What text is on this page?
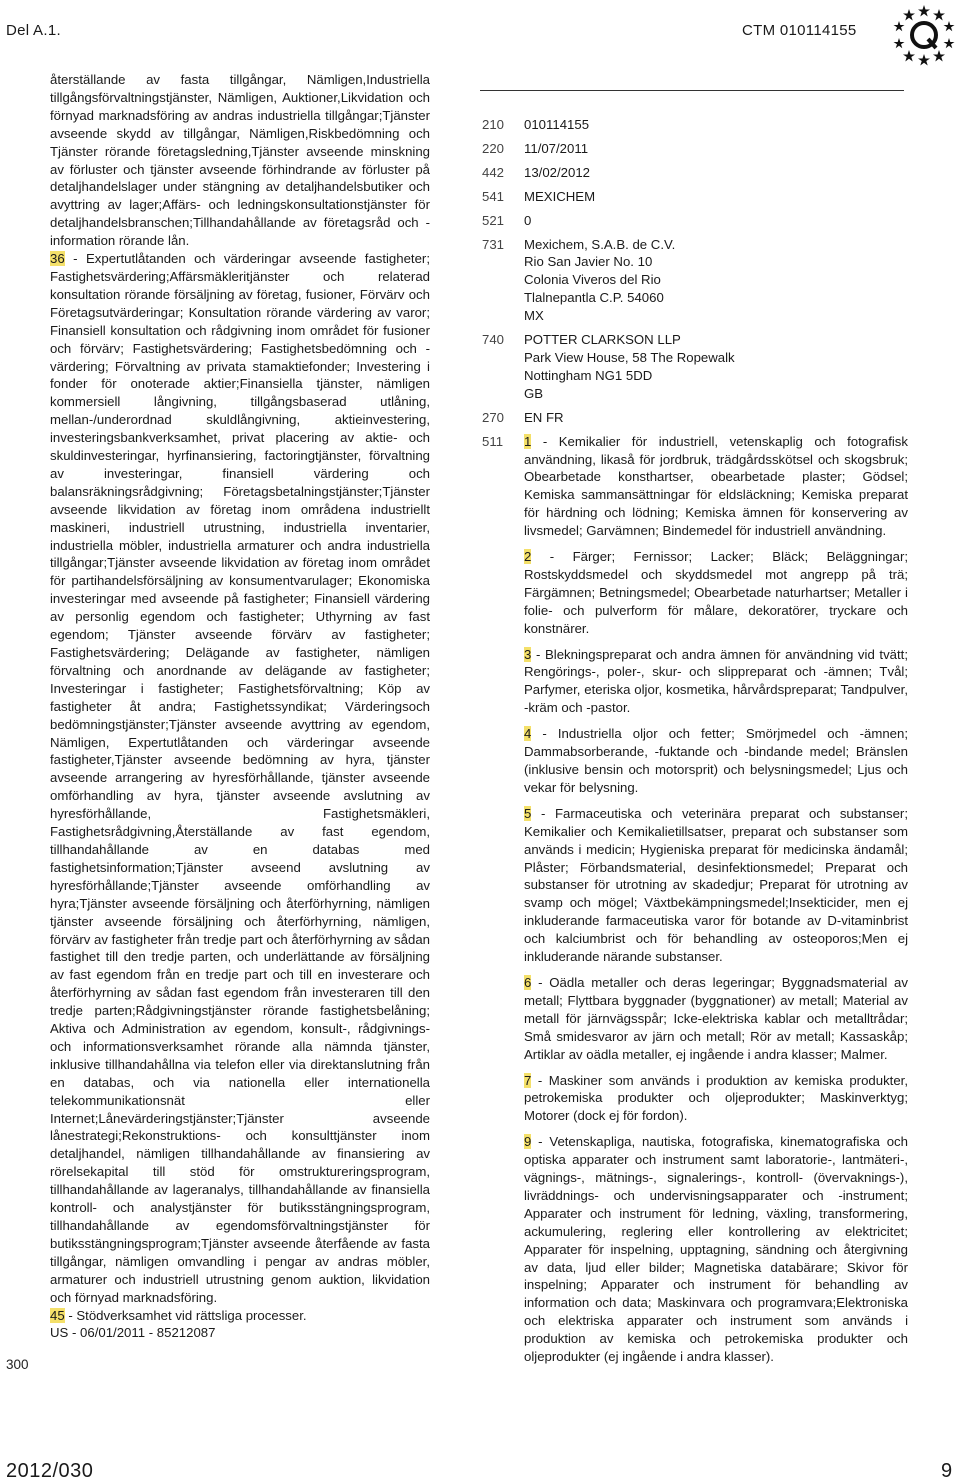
Del A.1.	CTM 010114155

återställande av fasta tillgångar, Nämligen,Industriella tillgångsförvaltningstjänster, Nämligen, Auktioner,Likvidation och förnyad marknadsföring av andras industriella tillgångar;Tjänster avseende skydd av tillgångar, Nämligen,Riskbedömning och Tjänster rörande företagsledning,Tjänster avseende minskning av förluster och tjänster avseende förhindrande av förluster på detaljhandelslager under stängning av detaljhandelsbutiker och avyttring av lager;Affärs- och ledningskonsultationstjänster för detaljhandelsbranschen;Tillhandahållande av företagsråd och -information rörande lån.

36 - Expertutlåtanden och värderingar avseende fastigheter; Fastighetsvärdering;Affärsmäkleritjänster och relaterad konsultation rörande försäljning av företag, fusioner, Förvärv och Företagsutvärderingar; Konsultation rörande värdering av varor; Finansiell konsultation och rådgivning inom området för fusioner och förvärv; Fastighetsvärdering; Fastighetsbedömning och -värdering; Förvaltning av privata stamaktiefonder; Investering i fonder för onoterade aktier;Finansiella tjänster, nämligen kommersiell långivning, tillgångsbaserad utlåning, mellan-/underordnad skuldlångivning, aktieinvestering, investeringsbankverksamhet, privat placering av aktie- och skuldinvesteringar, hyrfinansiering, factoringtjänster, förvaltning av investeringar, finansiell värdering och balansräkningsrådgivning; Företagsbetalningstjänster;Tjänster avseende likvidation av företag inom områdena industriellt maskineri, industriell utrustning, industriella inventarier, industriella möbler, industriella armaturer och andra industriella tillgångar;Tjänster avseende likvidation av företag inom området för partihandelsförsäljning av konsumentvarulager; Ekonomiska investeringar med avseende på fastigheter; Finansiell värdering av personlig egendom och fastigheter; Uthyrning av fast egendom; Tjänster avseende förvärv av fastigheter; Fastighetsvärdering; Delägande av fastigheter, nämligen förvaltning och anordnande av delägande av fastigheter; Investeringar i fastigheter; Fastighetsförvaltning; Köp av fastigheter åt andra; Fastighetssyndikat; Värderingsoch bedömningstjänster;Tjänster avseende avyttring av egendom, Nämligen, Expertutlåtanden och värderingar avseende fastigheter,Tjänster avseende bedömning av hyra, tjänster avseende arrangering av hyresförhållande, tjänster avseende omförhandling av hyra, tjänster avseende avslutning av hyresförhållande, Fastighetsmäkleri, Fastighetsrådgivning,Återställande av fast egendom, tillhandahållande av en databas med fastighetsinformation;Tjänster avseend avslutning av hyresförhållande;Tjänster avseende omförhandling av hyra;Tjänster avseende försäljning och återförhyrning, nämligen tjänster avseende försäljning och återförhyrning, nämligen, förvärv av fastigheter från tredje part och återförhyrning av sådan fastighet till den tredje parten, och underlättande av försäljning av fast egendom från en tredje part och till en investerare och återförhyrning av sådan fast egendom från investeraren till den tredje parten;Rådgivningstjänster rörande fastighetsbelåning; Aktiva och Administration av egendom, konsult-, rådgivnings- och informationsverksamhet rörande alla nämnda tjänster, inklusive tillhandahållna via telefon eller via direktanslutning från en databas, och via nationella eller internationella telekommunikationsnät eller Internet;Lånevärderingstjänster;Tjänster avseende lånestrategi;Rekonstruktions- och konsulttjänster inom detaljhandel, nämligen tillhandahållande av finansiering av rörelsekapital till stöd för omstruktureringsprogram, tillhandahållande av lageranalys, tillhandahållande av finansiella kontroll- och analystjänster för butiksstängningsprogram, tillhandahållande av egendomsförvaltningstjänster för butiksstängningsprogram;Tjänster avseende återfående av fasta tillgångar, nämligen omvandling i pengar av andras möbler, armaturer och industriell utrustning genom auktion, likvidation och förnyad marknadsföring.

45 - Stödverksamhet vid rättsliga processer.

US - 06/01/2011 - 85212087

300
210	010114155
220	11/07/2011
442	13/02/2012
541	MEXICHEM
521	0
731	Mexichem, S.A.B. de C.V.
Rio San Javier No. 10
Colonia Viveros del Rio
Tlalnepantla C.P. 54060
MX
740	POTTER CLARKSON LLP
Park View House, 58 The Ropewalk
Nottingham NG1 5DD
GB
270	EN FR
511	1 - Kemikalier för industriell, vetenskaplig och fotografisk användning, likaså för jordbruk, trädgårdsskötsel och skogsbruk; Obearbetade konsthartser, obearbetade plaster; Gödsel; Kemiska sammansättningar för eldsläckning; Kemiska preparat för härdning och lödning; Kemiska ämnen för konservering av livsmedel; Garvämnen; Bindemedel för industriell användning.

2 - Färger; Fernissor; Lacker; Bläck; Beläggningar; Rostskyddsmedel och skyddsmedel mot angrepp på trä; Färgämnen; Betningsmedel; Obearbetade naturhartser; Metaller i folie- och pulverform för målare, dekoratörer, tryckare och konstnärer.

3 - Blekningspreparat och andra ämnen för användning vid tvätt; Rengörings-, poler-, skur- och slippreparat och -ämnen; Tvål; Parfymer, eteriska oljor, kosmetika, hårvårdspreparat; Tandpulver, -kräm och -pastor.

4 - Industriella oljor och fetter; Smörjmedel och -ämnen; Dammabsorberande, -fuktande och -bindande medel; Bränslen (inklusive bensin och motorsprit) och belysningsmedel; Ljus och vekar för belysning.

5 - Farmaceutiska och veterinära preparat och substanser; Kemikalier och Kemikalietillsatser, preparat och substanser som används i medicin; Hygieniska preparat för medicinska ändamål; Plåster; Förbandsmaterial, desinfektionsmedel; Preparat och substanser för utrotning av skadedjur; Preparat för utrotning av svamp och mögel; Växtbekämpningsmedel;Insekticider, men ej inkluderande farmaceutiska varor för botande av D-vitaminbrist och kalciumbrist och för behandling av osteoporos;Men ej inkluderande närande substanser.

6 - Oädla metaller och deras legeringar; Byggnadsmaterial av metall; Flyttbara byggnader (byggnationer) av metall; Material av metall för järnvägsspår; Icke-elektriska kablar och metalltrådar; Små smidesvaror av järn och metall; Rör av metall; Kassaskåp; Artiklar av oädla metaller, ej ingående i andra klasser; Malmer.

7 - Maskiner som används i produktion av kemiska produkter, petrokemiska produkter och oljeprodukter; Maskinverktyg; Motorer (dock ej för fordon).

9 - Vetenskapliga, nautiska, fotografiska, kinematografiska och optiska apparater och instrument samt laboratorie-, lantmäteri-, vägnings-, mätnings-, signalerings-, kontroll- (övervaknings-), livräddnings- och undervisningsapparater och -instrument; Apparater och instrument för ledning, växling, transformering, ackumulering, reglering eller kontrollering av elektricitet; Apparater för inspelning, upptagning, sändning och återgivning av data, ljud eller bilder; Magnetiska databärare; Skivor för inspelning; Apparater och instrument för behandling av information och data; Maskinvara och programvara;Elektroniska och elektriska apparater och instrument som används i produktion av kemiska och petrokemiska produkter och oljeprodukter (ej ingående i andra klasser).

2012/030	9
